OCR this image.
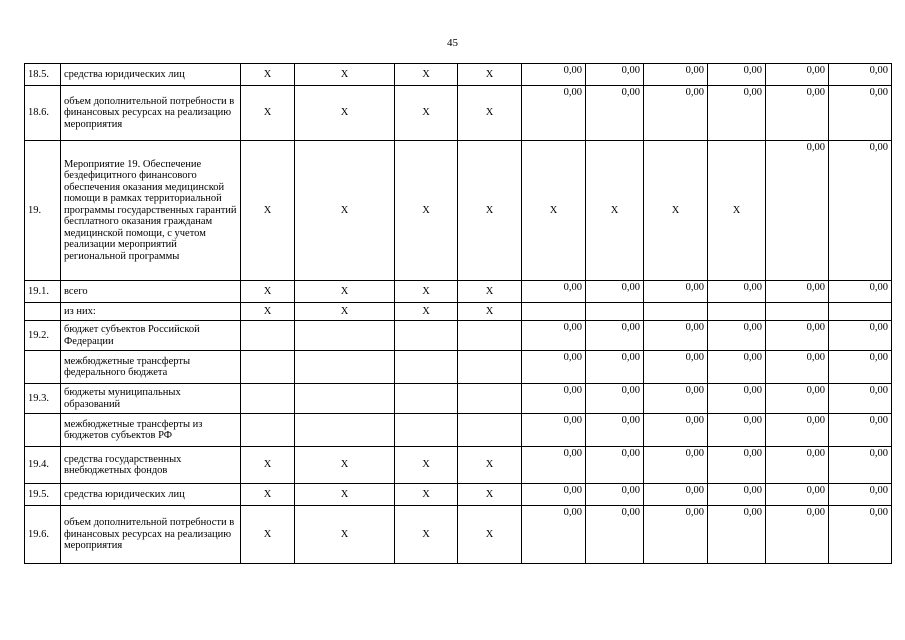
45
18.5.	средства юридических лиц	X	X	X	X	0,00	0,00	0,00	0,00	0,00	0,00
18.6.	объем дополнительной потребности в финансовых ресурсах на реализацию мероприятия	X	X	X	X	0,00	0,00	0,00	0,00	0,00	0,00
19.	Мероприятие 19. Обеспечение бездефицитного финансового обеспечения оказания медицинской помощи в рамках территориальной программы государственных гарантий бесплатного оказания гражданам медицинской помощи, с учетом реализации мероприятий региональной программы	X	X	X	X	X	X	X	X	0,00	0,00
19.1.	всего	X	X	X	X	0,00	0,00	0,00	0,00	0,00	0,00
	из них:	X	X	X	X						
19.2.	бюджет субъектов Российской Федерации					0,00	0,00	0,00	0,00	0,00	0,00
	межбюджетные трансферты федерального бюджета					0,00	0,00	0,00	0,00	0,00	0,00
19.3.	бюджеты муниципальных образований					0,00	0,00	0,00	0,00	0,00	0,00
	межбюджетные трансферты из бюджетов субъектов РФ					0,00	0,00	0,00	0,00	0,00	0,00
19.4.	средства государственных внебюджетных фондов	X	X	X	X	0,00	0,00	0,00	0,00	0,00	0,00
19.5.	средства юридических лиц	X	X	X	X	0,00	0,00	0,00	0,00	0,00	0,00
19.6.	объем дополнительной потребности в финансовых ресурсах на реализацию мероприятия	X	X	X	X	0,00	0,00	0,00	0,00	0,00	0,00
